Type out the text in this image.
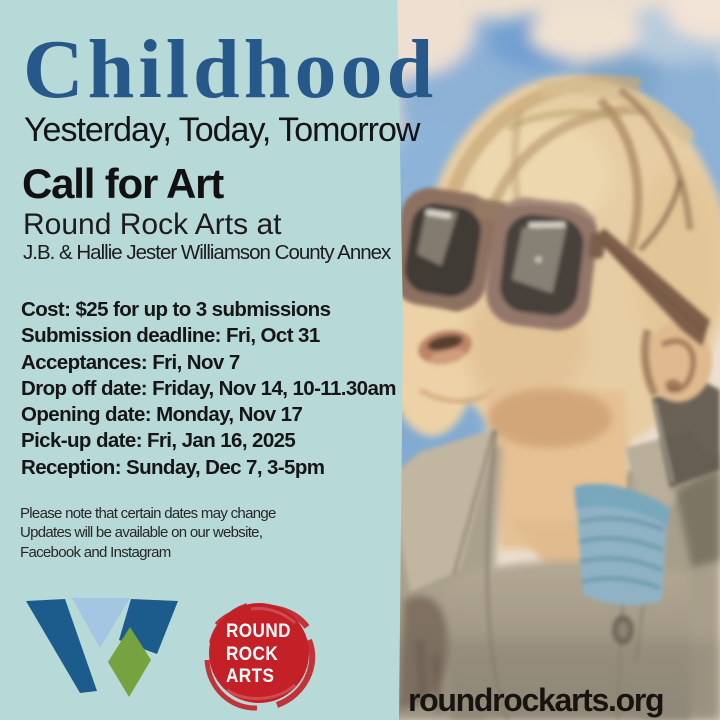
Childhood
Yesterday, Today, Tomorrow
Call for Art
Round Rock Arts at
J.B. & Hallie Jester Williamson County Annex
Cost: $25 for up to 3 submissions
Submission deadline: Fri, Oct 31
Acceptances: Fri, Nov 7
Drop off date: Friday, Nov 14, 10-11.30am
Opening date: Monday, Nov 17
Pick-up date: Fri, Jan 16, 2025
Reception: Sunday, Dec 7, 3-5pm
Please note that certain dates may change
Updates will be available on our website,
Facebook and Instagram
ROUND
ROCK
ARTS
roundrockarts.org
